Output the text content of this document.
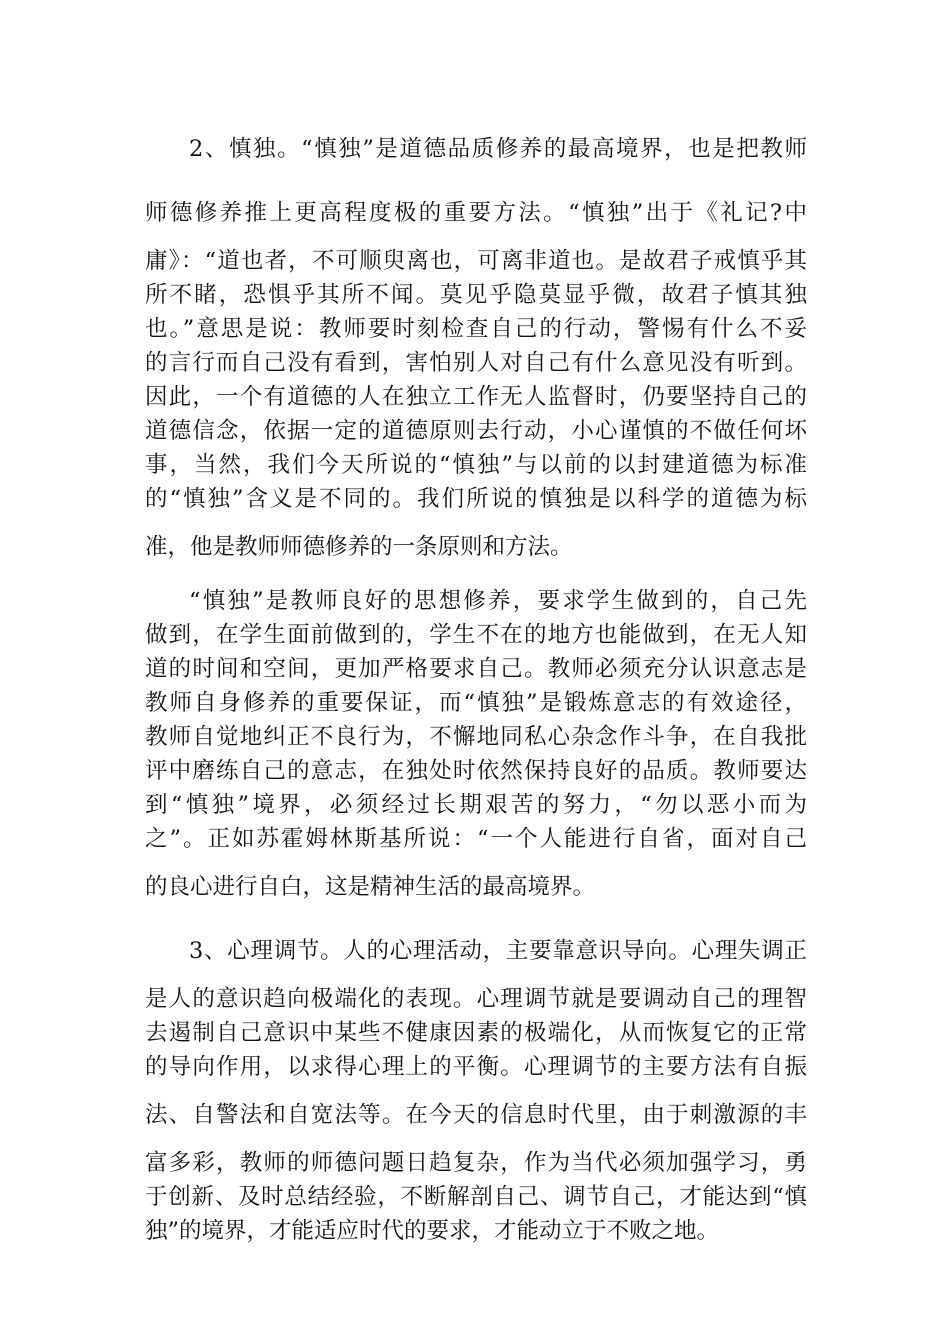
2、慎独。“慎独”是道德品质修养的最高境界，也是把教师
师德修养推上更高程度极的重要方法。“慎独”出于《礼记?中
庸》：“道也者，不可顺臾离也，可离非道也。是故君子戒慎乎其
所不睹，恐惧乎其所不闻。莫见乎隐莫显乎微，故君子慎其独
也。”意思是说：教师要时刻检查自己的行动，警惕有什么不妥
的言行而自己没有看到，害怕别人对自己有什么意见没有听到。
因此，一个有道德的人在独立工作无人监督时，仍要坚持自己的
道德信念，依据一定的道德原则去行动，小心谨慎的不做任何坏
事，当然，我们今天所说的“慎独”与以前的以封建道德为标准
的“慎独”含义是不同的。我们所说的慎独是以科学的道德为标
准，他是教师师德修养的一条原则和方法。
“慎独”是教师良好的思想修养，要求学生做到的，自己先
做到，在学生面前做到的，学生不在的地方也能做到，在无人知
道的时间和空间，更加严格要求自己。教师必须充分认识意志是
教师自身修养的重要保证，而“慎独”是锻炼意志的有效途径，
教师自觉地纠正不良行为，不懈地同私心杂念作斗争，在自我批
评中磨练自己的意志，在独处时依然保持良好的品质。教师要达
到“慎独”境界，必须经过长期艰苦的努力，“勿以恶小而为
之”。正如苏霍姆林斯基所说：“一个人能进行自省，面对自己
的良心进行自白，这是精神生活的最高境界。
3、心理调节。人的心理活动，主要靠意识导向。心理失调正
是人的意识趋向极端化的表现。心理调节就是要调动自己的理智
去遏制自己意识中某些不健康因素的极端化，从而恢复它的正常
的导向作用，以求得心理上的平衡。心理调节的主要方法有自振
法、自警法和自宽法等。在今天的信息时代里，由于刺激源的丰
富多彩，教师的师德问题日趋复杂，作为当代必须加强学习，勇
于创新、及时总结经验，不断解剖自己、调节自己，才能达到“慎
独”的境界，才能适应时代的要求，才能动立于不败之地。
